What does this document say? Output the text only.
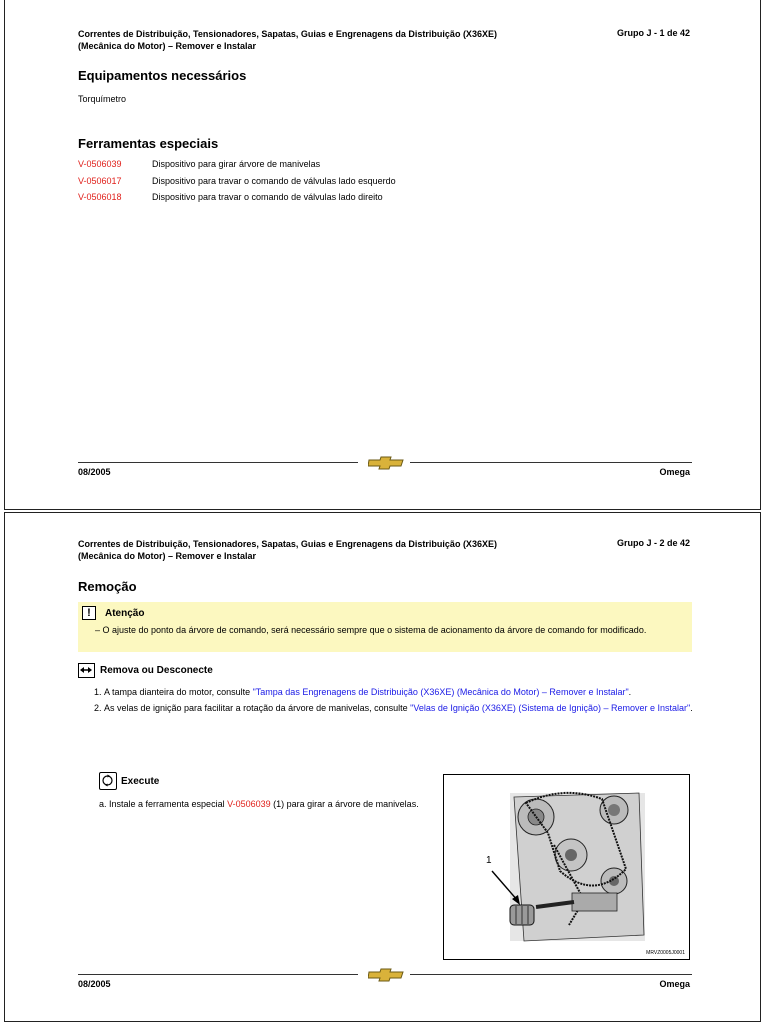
Correntes de Distribuição, Tensionadores, Sapatas, Guias e Engrenagens da Distribuição (X36XE)
(Mecânica do Motor) – Remover e Instalar
Grupo J - 1 de 42
Equipamentos necessários
Torquímetro
Ferramentas especiais
V-0506039	Dispositivo para girar árvore de manivelas
V-0506017	Dispositivo para travar o comando de válvulas lado esquerdo
V-0506018	Dispositivo para travar o comando de válvulas lado direito
08/2005	Omega
Correntes de Distribuição, Tensionadores, Sapatas, Guias e Engrenagens da Distribuição (X36XE)
(Mecânica do Motor) – Remover e Instalar
Grupo J - 2 de 42
Remoção
!	Atenção
– O ajuste do ponto da árvore de comando, será necessário sempre que o sistema de acionamento da árvore de comando for modificado.
Remova ou Desconecte
1. A tampa dianteira do motor, consulte "Tampa das Engrenagens de Distribuição (X36XE) (Mecânica do Motor) – Remover e Instalar".
2. As velas de ignição para facilitar a rotação da árvore de manivelas, consulte "Velas de Ignição (X36XE) (Sistema de Ignição) – Remover e Instalar".
Execute
a. Instale a ferramenta especial V-0506039 (1) para girar a árvore de manivelas.
1
MRVZ0005J0001
08/2005	Omega
